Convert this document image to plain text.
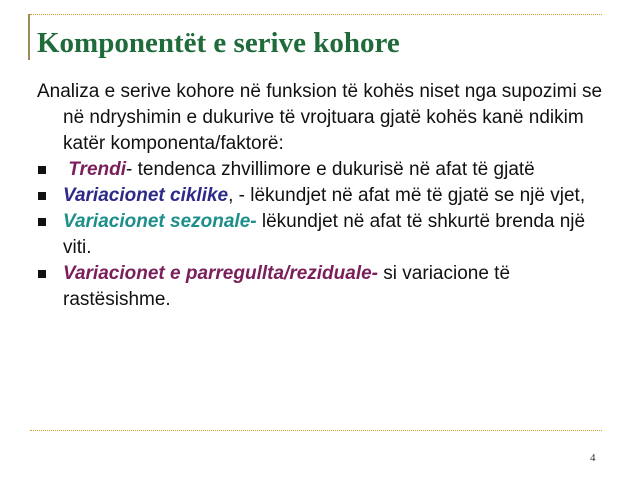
Komponentët e serive kohore

Analiza e serive kohore në funksion të kohës niset nga supozimi se në ndryshimin e dukurive të vrojtuara gjatë kohës kanë ndikim katër komponenta/faktorë:

Trendi- tendenca zhvillimore e dukurisë në afat të gjatë

Variacionet ciklike, - lëkundjet në afat më të gjatë se një vjet,

Variacionet sezonale- lëkundjet në afat të shkurtë brenda një viti.

Variacionet e parregullta/reziduale- si variacione të rastësishme.

4
